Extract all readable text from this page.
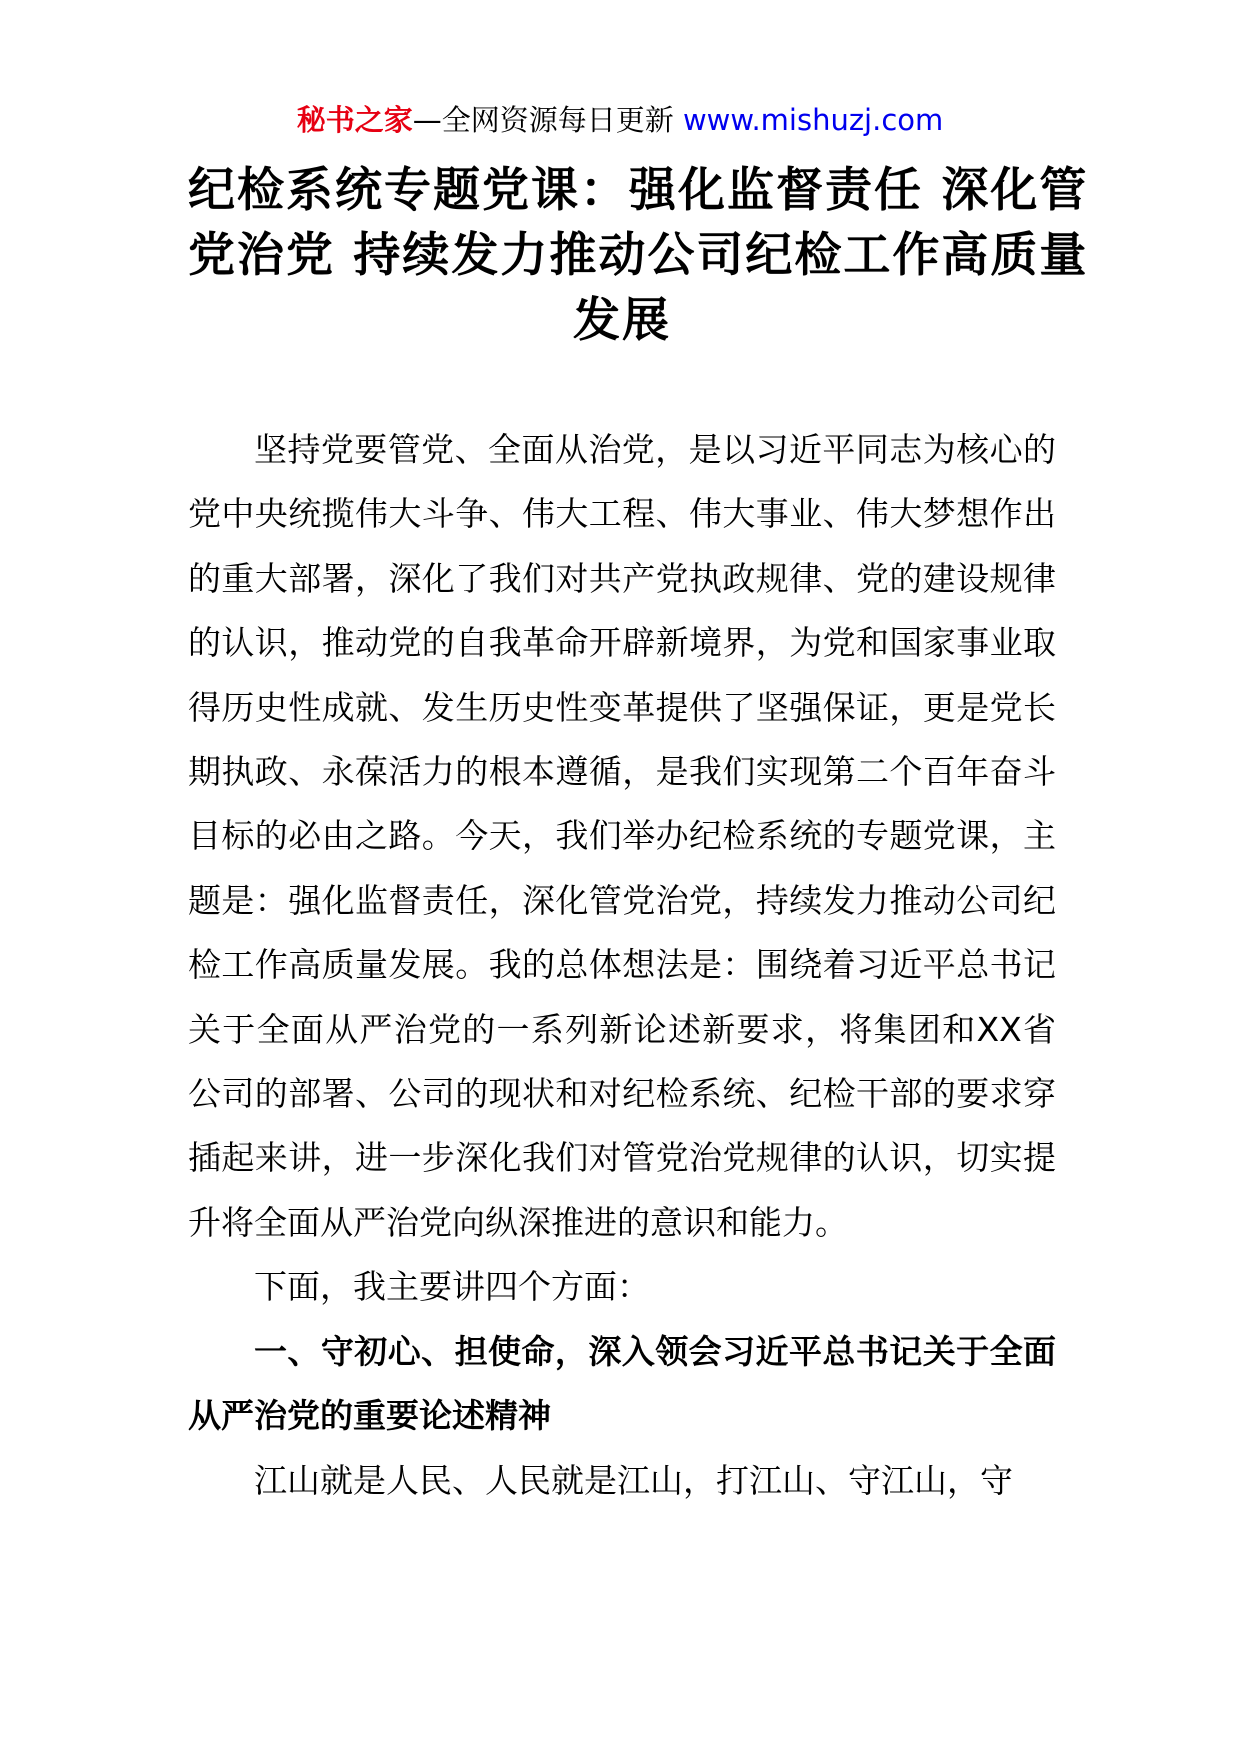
秘书之家—全网资源每日更新 www.mishuzj.com
纪检系统专题党课：强化监督责任 深化管
党治党 持续发力推动公司纪检工作高质量
发展

坚持党要管党、全面从治党，是以习近平同志为核心的党中央统揽伟大斗争、伟大工程、伟大事业、伟大梦想作出的重大部署，深化了我们对共产党执政规律、党的建设规律的认识，推动党的自我革命开辟新境界，为党和国家事业取得历史性成就、发生历史性变革提供了坚强保证，更是党长期执政、永葆活力的根本遵循，是我们实现第二个百年奋斗目标的必由之路。今天，我们举办纪检系统的专题党课，主题是：强化监督责任，深化管党治党，持续发力推动公司纪检工作高质量发展。我的总体想法是：围绕着习近平总书记关于全面从严治党的一系列新论述新要求，将集团和XX省公司的部署、公司的现状和对纪检系统、纪检干部的要求穿插起来讲，进一步深化我们对管党治党规律的认识，切实提升将全面从严治党向纵深推进的意识和能力。

下面，我主要讲四个方面：

一、守初心、担使命，深入领会习近平总书记关于全面从严治党的重要论述精神

江山就是人民、人民就是江山，打江山、守江山，守
